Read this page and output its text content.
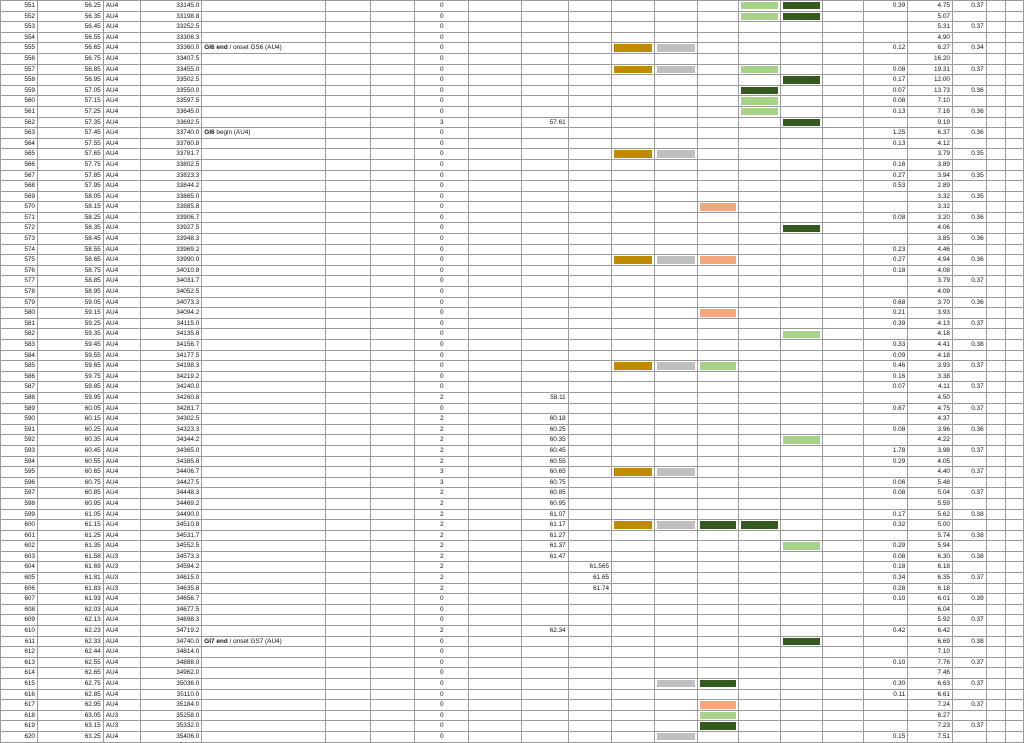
551	56.25	AU4	33145.0				0										0.39	4.75	0.37		
552	56.35	AU4	33198.8				0											5.07			
553	56.45	AU4	33252.5				0											5.31	0.37		
554	56.55	AU4	33306.3				0											4.90			
555	56.65	AU4	33360.0	GI6 end / onset GS6 (AU4)			0										0.12	6.27	0.34		
556	56.75	AU4	33407.5				0											16.20			
557	56.85	AU4	33455.0				0										0.08	19.31	0.37		
558	56.95	AU4	33502.5				0										0.17	12.00			
559	57.05	AU4	33550.0				0										0.07	13.73	0.36		
560	57.15	AU4	33597.5				0										0.08	7.10			
561	57.25	AU4	33645.0				0										0.13	7.16	0.36		
562	57.35	AU4	33692.5				3		57.61									9.19			
563	57.45	AU4	33740.0	GI6 begin (AU4)			0										1.25	6.37	0.36		
564	57.55	AU4	33760.8				0										0.13	4.12			
565	57.65	AU4	33781.7				0											3.79	0.35		
566	57.75	AU4	33802.5				0										0.16	3.89			
567	57.85	AU4	33823.3				0										0.27	3.94	0.35		
568	57.95	AU4	33844.2				0										0.53	2.89			
569	58.05	AU4	33865.0				0											3.32	0.35		
570	58.15	AU4	33885.8				0											3.32			
571	58.25	AU4	33906.7				0										0.08	3.20	0.36		
572	58.35	AU4	33927.5				0											4.06			
573	58.45	AU4	33948.3				0											3.85	0.36		
574	58.55	AU4	33969.2				0										0.23	4.46			
575	58.65	AU4	33990.0				0										0.27	4.94	0.36		
576	58.75	AU4	34010.8				0										0.18	4.08			
577	58.85	AU4	34031.7				0											3.79	0.37		
578	58.95	AU4	34052.5				0											4.09			
579	59.05	AU4	34073.3				0										0.68	3.70	0.36		
580	59.15	AU4	34094.2				0										0.21	3.93			
581	59.25	AU4	34115.0				0										0.39	4.13	0.37		
582	59.35	AU4	34135.8				0											4.18			
583	59.45	AU4	34156.7				0										0.33	4.41	0.38		
584	59.55	AU4	34177.5				0										0.09	4.18			
585	59.65	AU4	34198.3				0										0.46	3.93	0.37		
586	59.75	AU4	34219.2				0										0.16	3.38			
587	59.85	AU4	34240.0				0										0.07	4.11	0.37		
588	59.95	AU4	34260.8				2		58.11									4.50			
589	60.05	AU4	34281.7				0										0.87	4.75	0.37		
590	60.15	AU4	34302.5				2		60.18									4.37			
591	60.25	AU4	34323.3				2		60.25								0.08	3.96	0.36		
592	60.35	AU4	34344.2				2		60.35									4.22			
593	60.45	AU4	34365.0				2		60.45								1.78	3.98	0.37		
594	60.55	AU4	34385.8				2		60.55								0.29	4.05			
595	60.65	AU4	34406.7				3		60.65									4.40	0.37		
596	60.75	AU4	34427.5				3		60.75								0.06	5.48			
597	60.85	AU4	34448.3				2		60.85								0.08	5.04	0.37		
598	60.95	AU4	34469.2				2		60.95									5.59			
599	61.05	AU4	34490.0				2		61.07								0.17	5.62	0.38		
600	61.15	AU4	34510.8				2		61.17								0.32	5.00			
601	61.25	AU4	34531.7				2		61.27									5.74	0.38		
602	61.35	AU4	34552.5				2		61.37								0.29	5.94			
603	61.58	AU3	34573.3				2		61.47								0.08	6.30	0.38		
604	61.69	AU3	34594.2				2			61.565							0.18	6.18			
605	61.81	AU3	34615.0				2			61.65							0.34	6.35	0.37		
606	61.83	AU3	34635.8				2			61.74							0.28	6.18			
607	61.93	AU4	34656.7				0										0.10	6.01	0.39		
608	62.03	AU4	34677.5				0											6.04			
609	62.13	AU4	34698.3				0											5.92	0.37		
610	62.23	AU4	34719.2				2		62.34								0.42	6.42			
611	62.33	AU4	34740.0	GI7 end / onset GS7 (AU4)			0											6.69	0.38		
612	62.44	AU4	34814.0				0											7.10			
613	62.55	AU4	34888.0				0										0.10	7.76	0.37		
614	62.65	AU4	34962.0				0											7.46			
615	62.75	AU4	35036.0				0										0.30	6.63	0.37		
616	62.85	AU4	35110.0				0										0.11	6.61			
617	62.95	AU4	35184.0				0											7.24	0.37		
618	63.05	AU3	35258.0				0											6.27			
619	63.15	AU3	35332.0				0											7.23	0.37		
620	63.25	AU4	35406.0				0										0.15	7.51			
